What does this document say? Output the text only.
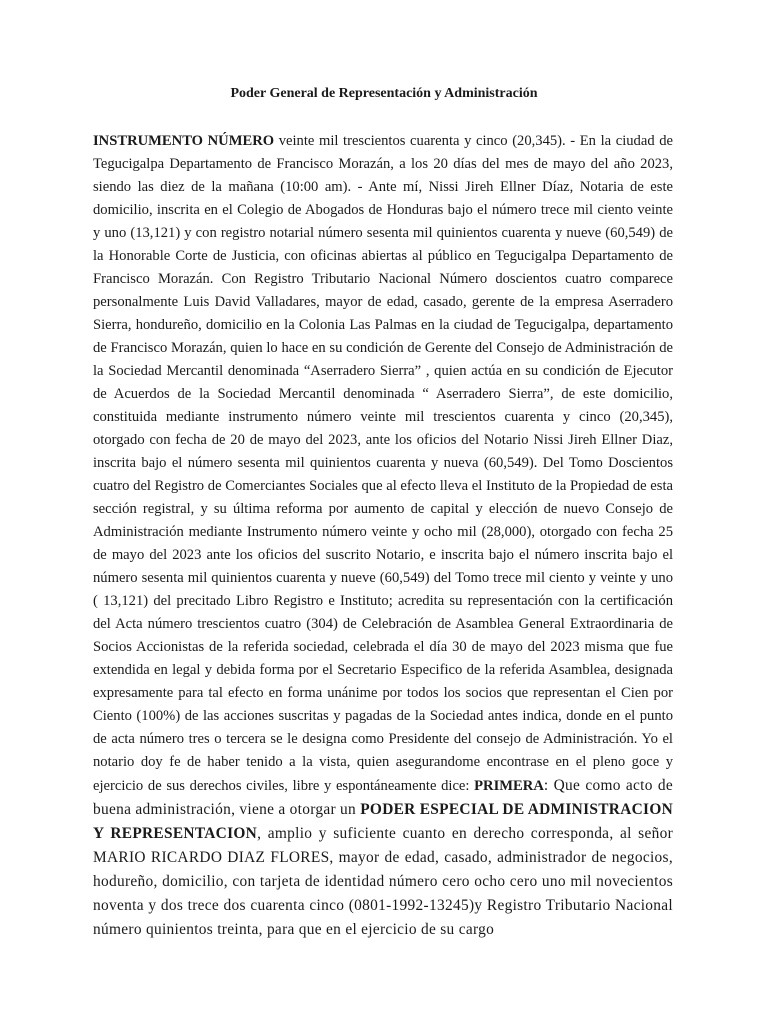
Poder General de Representación y Administración

INSTRUMENTO NÚMERO veinte mil trescientos cuarenta y cinco (20,345). - En la ciudad de Tegucigalpa Departamento de Francisco Morazán, a los 20 días del mes de mayo del año 2023, siendo las diez de la mañana (10:00 am). - Ante mí, Nissi Jireh Ellner Díaz, Notaria de este domicilio, inscrita en el Colegio de Abogados de Honduras bajo el número trece mil ciento veinte y uno (13,121) y con registro notarial número sesenta mil quinientos cuarenta y nueve (60,549) de la Honorable Corte de Justicia, con oficinas abiertas al público en Tegucigalpa Departamento de Francisco Morazán. Con Registro Tributario Nacional Número doscientos cuatro comparece personalmente Luis David Valladares, mayor de edad, casado, gerente de la empresa Aserradero Sierra, hondureño, domicilio en la Colonia Las Palmas en la ciudad de Tegucigalpa, departamento de Francisco Morazán, quien lo hace en su condición de Gerente del Consejo de Administración de la Sociedad Mercantil denominada “Aserradero Sierra” , quien actúa en su condición de Ejecutor de Acuerdos de la Sociedad Mercantil denominada “ Aserradero Sierra”, de este domicilio, constituida mediante instrumento número veinte mil trescientos cuarenta y cinco (20,345), otorgado con fecha de 20 de mayo del 2023, ante los oficios del Notario Nissi Jireh Ellner Diaz, inscrita bajo el número sesenta mil quinientos cuarenta y nueva (60,549). Del Tomo Doscientos cuatro del Registro de Comerciantes Sociales que al efecto lleva el Instituto de la Propiedad de esta sección registral, y su última reforma por aumento de capital y elección de nuevo Consejo de Administración mediante Instrumento número veinte y ocho mil (28,000), otorgado con fecha 25 de mayo del 2023 ante los oficios del suscrito Notario, e inscrita bajo el número inscrita bajo el número sesenta mil quinientos cuarenta y nueve (60,549) del Tomo trece mil ciento y veinte y uno ( 13,121) del precitado Libro Registro e Instituto; acredita su representación con la certificación del Acta número trescientos cuatro (304) de Celebración de Asamblea General Extraordinaria de Socios Accionistas de la referida sociedad, celebrada el día 30 de mayo del 2023 misma que fue extendida en legal y debida forma por el Secretario Especifico de la referida Asamblea, designada expresamente para tal efecto en forma unánime por todos los socios que representan el Cien por Ciento (100%) de las acciones suscritas y pagadas de la Sociedad antes indica, donde en el punto de acta número tres o tercera se le designa como Presidente del consejo de Administración. Yo el notario doy fe de haber tenido a la vista, quien asegurandome encontrase en el pleno goce y ejercicio de sus derechos civiles, libre y espontáneamente dice: PRIMERA: Que como acto de buena administración, viene a otorgar un PODER ESPECIAL DE ADMINISTRACION Y REPRESENTACION, amplio y suficiente cuanto en derecho corresponda, al señor MARIO RICARDO DIAZ FLORES, mayor de edad, casado, administrador de negocios, hodureño, domicilio, con tarjeta de identidad número cero ocho cero uno mil novecientos noventa y dos trece dos cuarenta cinco (0801-1992-13245)y Registro Tributario Nacional número quinientos treinta, para que en el ejercicio de su cargo
